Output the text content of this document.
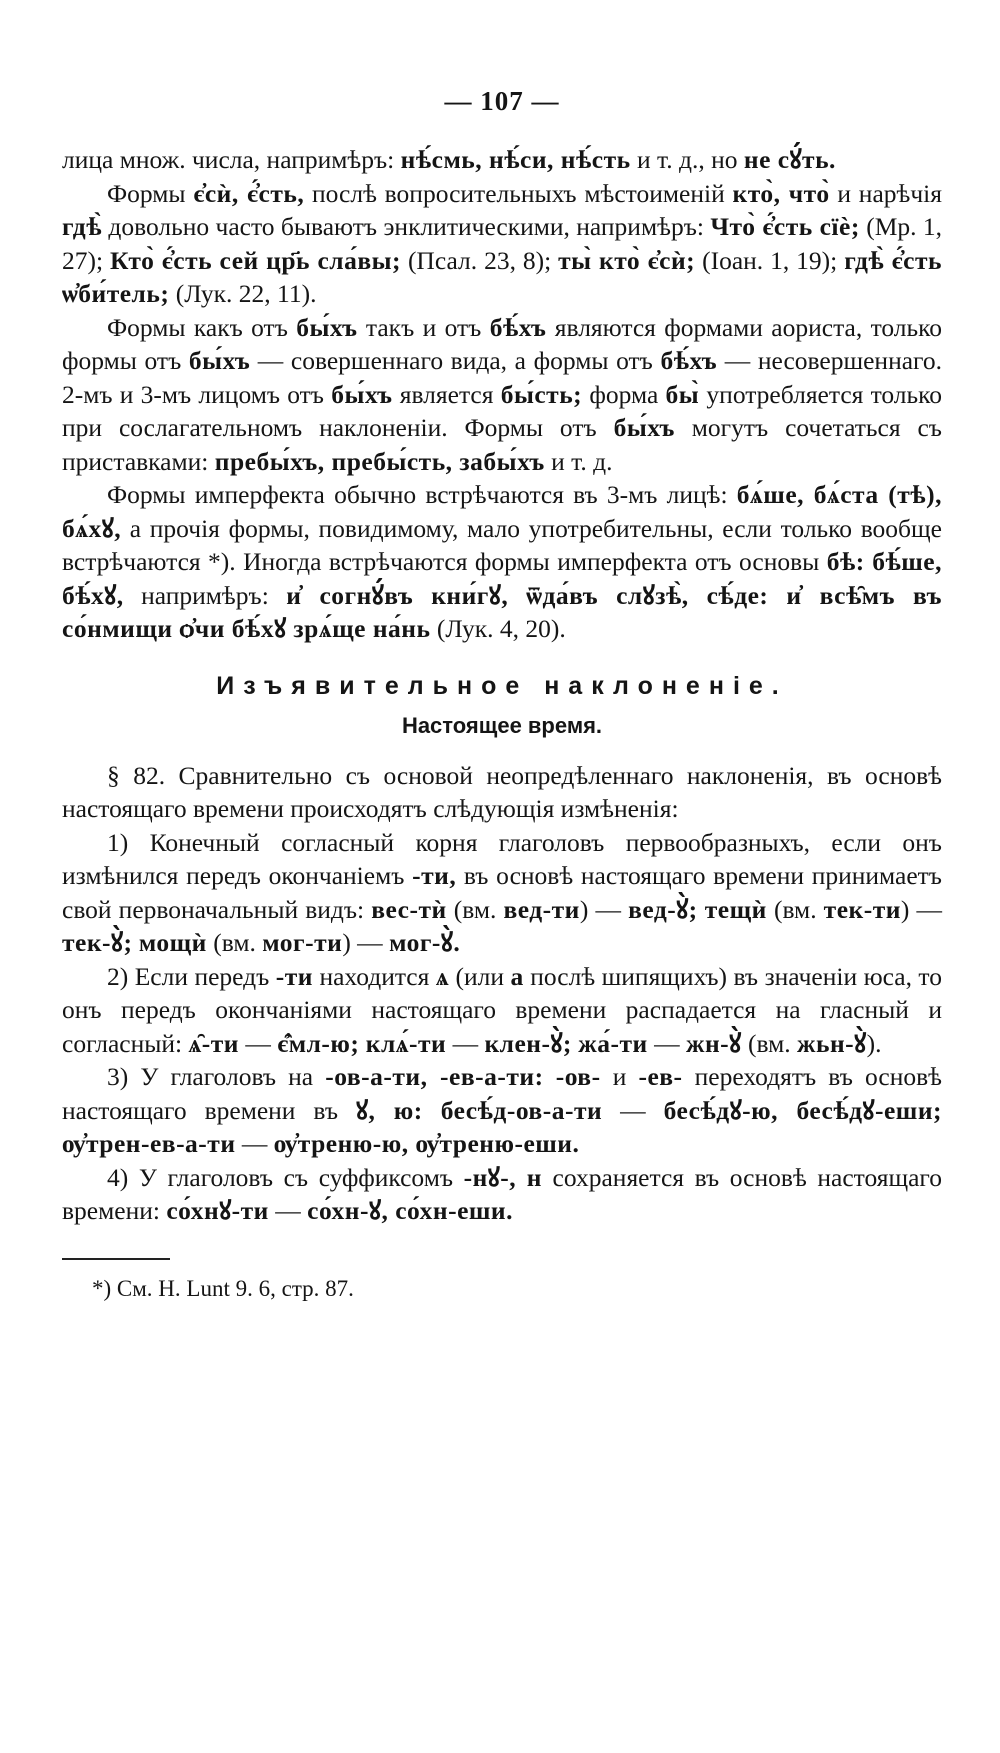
— 107 —

лица множ. числа, напримѣръ: нѣ́смь, нѣ́си, нѣ́сть и т. д., но не сꙋ́ть.

Формы є҆сѝ, є҆́сть, послѣ вопросительныхъ мѣстоименій кто̀, что̀ и нарѣчія гдѣ̀ довольно часто бываютъ энклитическими, напримѣръ: Что̀ є҆́сть сїѐ; (Мр. 1, 27); Кто̀ є҆́сть сей цр҃ь сла́вы; (Псал. 23, 8); ты̀ кто̀ є҆сѝ; (Іоан. 1, 19); гдѣ̀ є҆́сть ѡ҆би́тель; (Лук. 22, 11).

Формы какъ отъ бы́хъ такъ и отъ бѣ́хъ являются формами аориста, только формы отъ бы́хъ — совершеннаго вида, а формы отъ бѣ́хъ — несовершеннаго. 2-мъ и 3-мъ лицомъ отъ бы́хъ является бы́сть; форма бы̀ употребляется только при сослагательномъ наклоненіи. Формы отъ бы́хъ могутъ сочетаться съ приставками: пребы́хъ, пребы́сть, забы́хъ и т. д.

Формы имперфекта обычно встрѣчаются въ 3-мъ лицѣ: бѧ́ше, бѧ́ста (тѣ), бѧ́хꙋ, а прочія формы, повидимому, мало употребительны, если только вообще встрѣчаются *). Иногда встрѣчаются формы имперфекта отъ основы бѣ: бѣ́ше, бѣ́хꙋ, напримѣръ: и҆ согнꙋ́въ кни́гꙋ, ѿда́въ слꙋзѣ̀, сѣ́де: и҆ всѣ̑мъ въ со́нмищи ѻ҆чи бѣ́хꙋ зрѧ́ще на́нь (Лук. 4, 20).

Изъявительное наклоненіе.
Настоящее время.

§ 82. Сравнительно съ основой неопредѣленнаго наклоненія, въ основѣ настоящаго времени происходятъ слѣдующія измѣненія:

1) Конечный согласный корня глаголовъ первообразныхъ, если онъ измѣнился передъ окончаніемъ -ти, въ основѣ настоящаго времени принимаетъ свой первоначальный видъ: вес-тѝ (вм. вед-ти) — вед-ꙋ̀; тещѝ (вм. тек-ти) — тек-ꙋ̀; мощѝ (вм. мог-ти) — мог-ꙋ̀.

2) Если передъ -ти находится ѧ (или а послѣ шипящихъ) въ значеніи юса, то онъ передъ окончаніями настоящаго времени распадается на гласный и согласный: ѧ̑-ти — є҆̑мл-ю; клѧ́-ти — клен-ꙋ̀; жа́-ти — жн-ꙋ̀ (вм. жьн-ꙋ̀).

3) У глаголовъ на -ов-а-ти, -ев-а-ти: -ов- и -ев- переходятъ въ основѣ настоящаго времени въ ꙋ, ю: бесѣ́д-ов-а-ти — бесѣ́дꙋ-ю, бесѣ́дꙋ-еши; ѹ҆трен-ев-а-ти — ѹ҆треню-ю, ѹ҆треню-еши.

4) У глаголовъ съ суффиксомъ -нꙋ-, н сохраняется въ основѣ настоящаго времени: со́хнꙋ-ти — со́хн-ꙋ, со́хн-еши.

*) См. H. Lunt 9. 6, стр. 87.
